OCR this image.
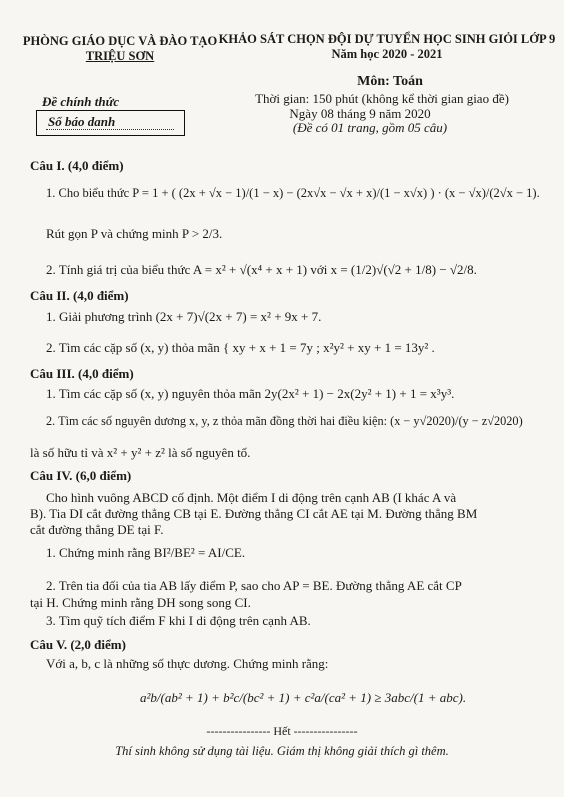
PHÒNG GIÁO DỤC VÀ ĐÀO TẠO
TRIỆU SƠN
KHẢO SÁT CHỌN ĐỘI DỰ TUYỂN HỌC SINH GIỎI LỚP 9
Năm học 2020 - 2021
Đề chính thức
Số báo danh
Môn: Toán
Thời gian: 150 phút (không kể thời gian giao đề)
Ngày 08 tháng 9 năm 2020
(Đề có 01 trang, gồm 05 câu)
Câu I. (4,0 điểm)
1. Cho biểu thức P = 1 + ( (2x + √x − 1)/(1 − x) − (2x√x − √x + x)/(1 − x√x) ) · (x − √x)/(2√x − 1).
Rút gọn P và chứng minh P > 2/3.
2. Tính giá trị của biểu thức A = x² + √(x⁴ + x + 1) với x = (1/2)√(√2 + 1/8) − √2/8.
Câu II. (4,0 điểm)
1. Giải phương trình (2x + 7)√(2x + 7) = x² + 9x + 7.
2. Tìm các cặp số (x, y) thỏa mãn { xy + x + 1 = 7y ; x²y² + xy + 1 = 13y² .
Câu III. (4,0 điểm)
1. Tìm các cặp số (x, y) nguyên thỏa mãn 2y(2x² + 1) − 2x(2y² + 1) + 1 = x³y³.
2. Tìm các số nguyên dương x, y, z thỏa mãn đồng thời hai điều kiện: (x − y√2020)/(y − z√2020)
là số hữu tỉ và x² + y² + z² là số nguyên tố.
Câu IV. (6,0 điểm)
Cho hình vuông ABCD cố định. Một điểm I di động trên cạnh AB (I khác A và
B). Tia DI cắt đường thẳng CB tại E. Đường thẳng CI cắt AE tại M. Đường thẳng BM
cắt đường thẳng DE tại F.
1. Chứng minh rằng BI²/BE² = AI/CE.
2. Trên tia đối của tia AB lấy điểm P, sao cho AP = BE. Đường thẳng AE cắt CP
tại H. Chứng minh rằng DH song song CI.
3. Tìm quỹ tích điểm F khi I di động trên cạnh AB.
Câu V. (2,0 điểm)
Với a, b, c là những số thực dương. Chứng minh rằng:
a²b/(ab² + 1) + b²c/(bc² + 1) + c²a/(ca² + 1) ≥ 3abc/(1 + abc).
---------------- Hết ----------------
Thí sinh không sử dụng tài liệu. Giám thị không giải thích gì thêm.
